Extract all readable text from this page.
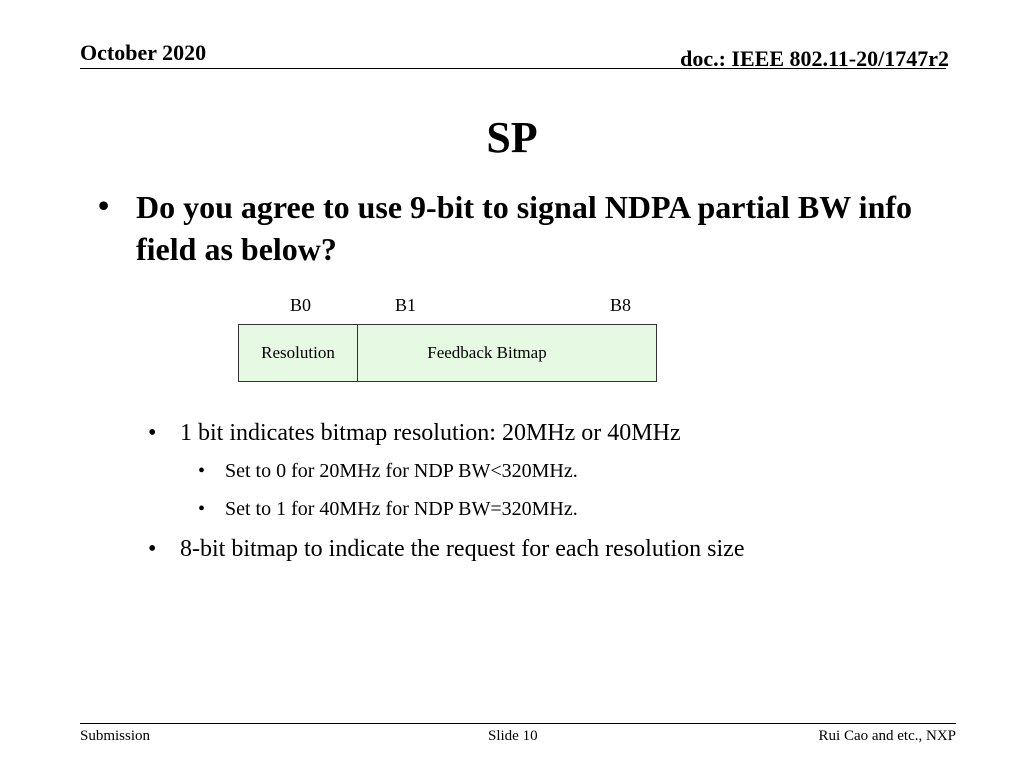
October 2020	doc.: IEEE 802.11-20/1747r2
SP
• Do you agree to use 9-bit to signal NDPA partial BW info field as below?
B0	B1	B8
Resolution	Feedback Bitmap
• 1 bit indicates bitmap resolution: 20MHz or 40MHz
• Set to 0 for 20MHz for NDP BW<320MHz.
• Set to 1 for 40MHz for NDP BW=320MHz.
• 8-bit bitmap to indicate the request for each resolution size
Submission	Slide 10	Rui Cao and etc., NXP
